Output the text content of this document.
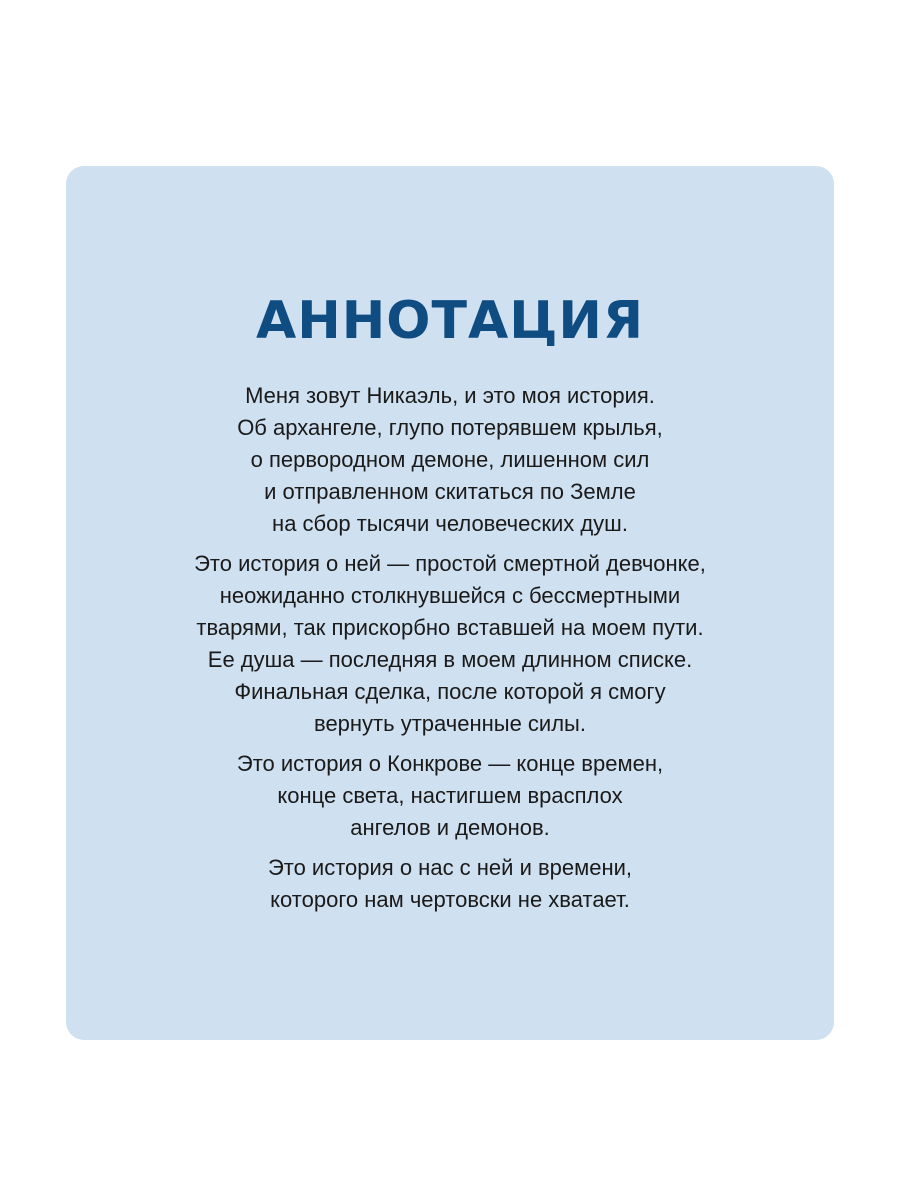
АННОТАЦИЯ

Меня зовут Никаэль, и это моя история.
Об архангеле, глупо потерявшем крылья,
о первородном демоне, лишенном сил
и отправленном скитаться по Земле
на сбор тысячи человеческих душ.

Это история о ней — простой смертной девчонке,
неожиданно столкнувшейся с бессмертными
тварями, так прискорбно вставшей на моем пути.
Ее душа — последняя в моем длинном списке.
Финальная сделка, после которой я смогу
вернуть утраченные силы.

Это история о Конкрове — конце времен,
конце света, настигшем врасплох
ангелов и демонов.

Это история о нас с ней и времени,
которого нам чертовски не хватает.
